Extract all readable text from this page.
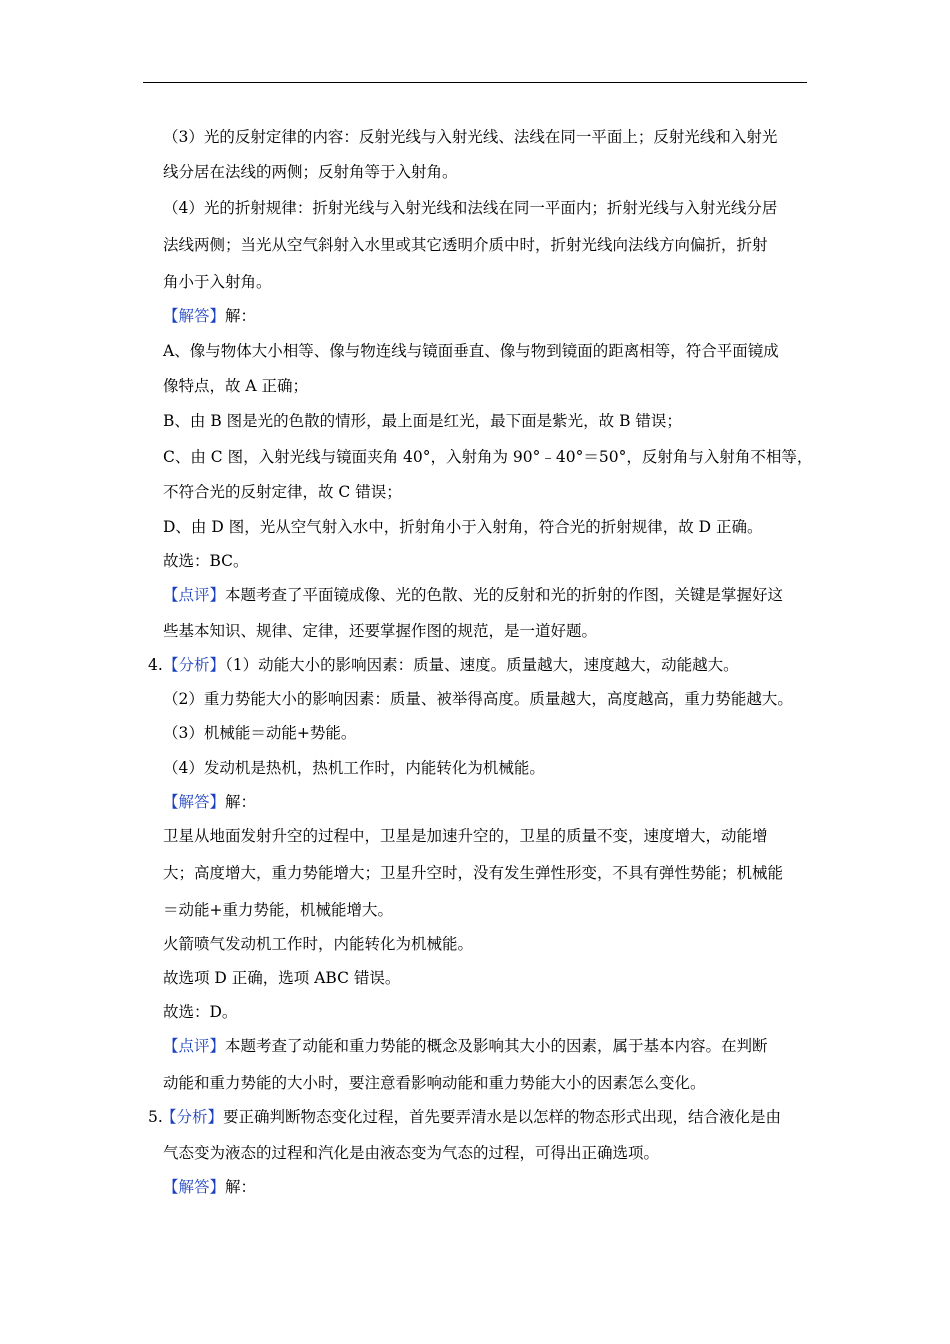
（3）光的反射定律的内容：反射光线与入射光线、法线在同一平面上；反射光线和入射光
线分居在法线的两侧；反射角等于入射角。
（4）光的折射规律：折射光线与入射光线和法线在同一平面内；折射光线与入射光线分居
法线两侧；当光从空气斜射入水里或其它透明介质中时，折射光线向法线方向偏折，折射
角小于入射角。
【解答】解：
A、像与物体大小相等、像与物连线与镜面垂直、像与物到镜面的距离相等，符合平面镜成
像特点，故 A 正确；
B、由 B 图是光的色散的情形，最上面是红光，最下面是紫光，故 B 错误；
C、由 C 图，入射光线与镜面夹角 40°，入射角为 90°﹣40°＝50°，反射角与入射角不相等，
不符合光的反射定律，故 C 错误；
D、由 D 图，光从空气射入水中，折射角小于入射角，符合光的折射规律，故 D 正确。
故选：BC。
【点评】本题考查了平面镜成像、光的色散、光的反射和光的折射的作图，关键是掌握好这
些基本知识、规律、定律，还要掌握作图的规范，是一道好题。
4. 【分析】（1）动能大小的影响因素：质量、速度。质量越大，速度越大，动能越大。
（2）重力势能大小的影响因素：质量、被举得高度。质量越大，高度越高，重力势能越大。
（3）机械能＝动能+势能。
（4）发动机是热机，热机工作时，内能转化为机械能。
【解答】解：
卫星从地面发射升空的过程中，卫星是加速升空的，卫星的质量不变，速度增大，动能增
大；高度增大，重力势能增大；卫星升空时，没有发生弹性形变，不具有弹性势能；机械能
＝动能+重力势能，机械能增大。
火箭喷气发动机工作时，内能转化为机械能。
故选项 D 正确，选项 ABC 错误。
故选：D。
【点评】本题考查了动能和重力势能的概念及影响其大小的因素，属于基本内容。在判断
动能和重力势能的大小时，要注意看影响动能和重力势能大小的因素怎么变化。
5.
【分析】要正确判断物态变化过程，首先要弄清水是以怎样的物态形式出现，结合液化是由
气态变为液态的过程和汽化是由液态变为气态的过程，可得出正确选项。
【解答】解：
